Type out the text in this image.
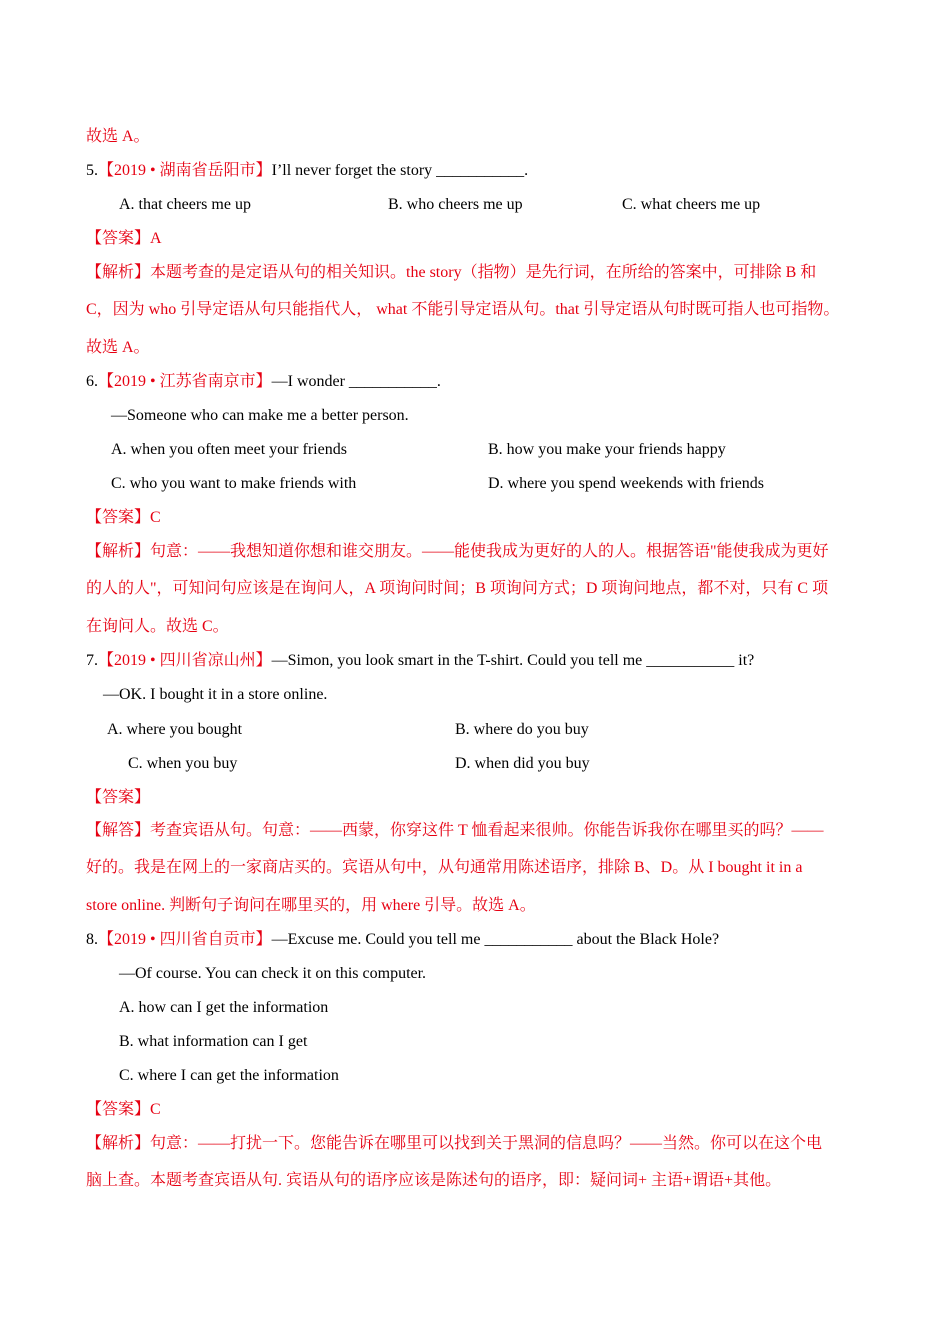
故选 A。
5.【2019 • 湖南省岳阳市】I’ll never forget the story ___________.
A. that cheers me up	B. who cheers me up	C. what cheers me up
【答案】A
【解析】本题考查的是定语从句的相关知识。the story（指物）是先行词，在所给的答案中，可排除 B 和
C，因为 who 引导定语从句只能指代人， what 不能引导定语从句。that 引导定语从句时既可指人也可指物。
故选 A。
6.【2019 • 江苏省南京市】—I wonder ___________.
—Someone who can make me a better person.
A. when you often meet your friends	B. how you make your friends happy
C. who you want to make friends with	D. where you spend weekends with friends
【答案】C
【解析】句意：——我想知道你想和谁交朋友。——能使我成为更好的人的人。根据答语"能使我成为更好
的人的人"，可知问句应该是在询问人，A 项询问时间；B 项询问方式；D 项询问地点，都不对，只有 C 项
在询问人。故选 C。
7.【2019 • 四川省凉山州】—Simon, you look smart in the T-shirt. Could you tell me ___________ it?
—OK. I bought it in a store online.
A. where you bought	B. where do you buy
C. when you buy	D. when did you buy
【答案】
【解答】考查宾语从句。句意：——西蒙，你穿这件 T 恤看起来很帅。你能告诉我你在哪里买的吗？——
好的。我是在网上的一家商店买的。宾语从句中，从句通常用陈述语序，排除 B、D。从 I bought it in a
store online. 判断句子询问在哪里买的，用 where 引导。故选 A。
8.【2019 • 四川省自贡市】—Excuse me. Could you tell me ___________ about the Black Hole?
—Of course. You can check it on this computer.
A. how can I get the information
B. what information can I get
C. where I can get the information
【答案】C
【解析】句意：——打扰一下。您能告诉在哪里可以找到关于黑洞的信息吗？——当然。你可以在这个电
脑上查。本题考查宾语从句. 宾语从句的语序应该是陈述句的语序，即：疑问词+ 主语+谓语+其他。
